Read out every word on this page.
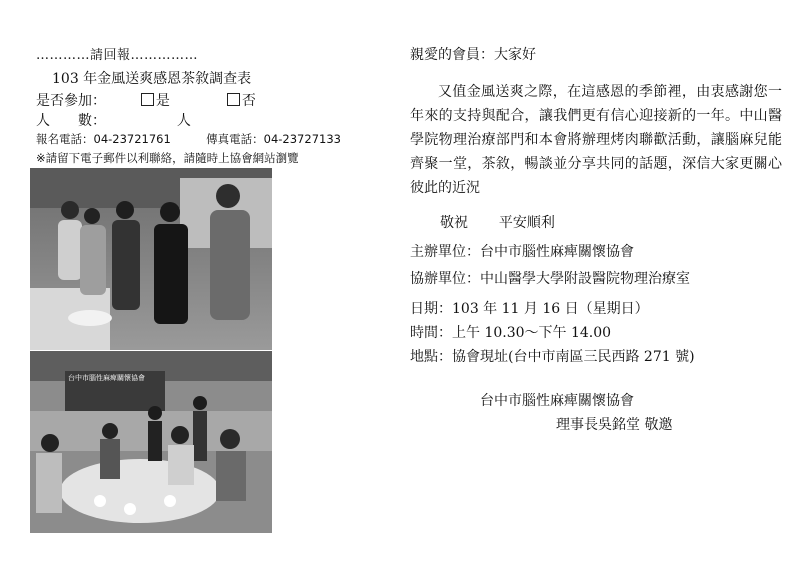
…………請回報……………
103 年金風送爽感恩茶敘調查表
是否參加：	是	否
人　　數：	人
報名電話：04-23721761	傳真電話：04-23727133
※請留下電子郵件以利聯絡，請隨時上協會網站瀏覽
台中市腦性麻痺關懷協會
親愛的會員：大家好
又值金風送爽之際，在這感恩的季節裡，由衷感謝您一年來的支持與配合，讓我們更有信心迎接新的一年。中山醫學院物理治療部門和本會將辦理烤肉聯歡活動，讓腦麻兒能齊聚一堂，茶敘，暢談並分享共同的話題，深信大家更關心彼此的近況
敬祝 平安順利
主辦單位：台中市腦性麻痺關懷協會
協辦單位：中山醫學大學附設醫院物理治療室
日期：103 年 11 月 16 日（星期日）
時間：上午 10.30～下午 14.00
地點：協會現址(台中市南區三民西路 271 號)
台中市腦性麻痺關懷協會
理事長吳銘堂 敬邀
